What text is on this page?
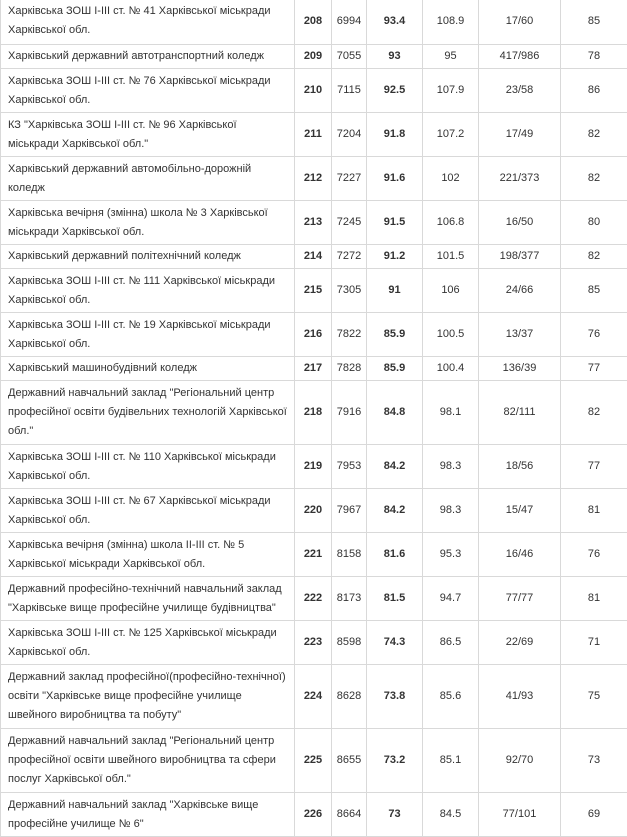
Харківська ЗОШ І-ІІІ ст. № 41 Харківської міськради Харківської обл.	208	6994	93.4	108.9	17/60	85
Харківський державний автотранспортний коледж	209	7055	93	95	417/986	78
Харківська ЗОШ І-ІІІ ст. № 76 Харківської міськради Харківської обл.	210	7115	92.5	107.9	23/58	86
КЗ "Харківська ЗОШ І-ІІІ ст. № 96 Харківської міськради Харківської обл."	211	7204	91.8	107.2	17/49	82
Харківський державний автомобільно-дорожній коледж	212	7227	91.6	102	221/373	82
Харківська вечірня (змінна) школа № 3 Харківської міськради Харківської обл.	213	7245	91.5	106.8	16/50	80
Харківський державний політехнічний коледж	214	7272	91.2	101.5	198/377	82
Харківська ЗОШ І-ІІІ ст. № 111 Харківської міськради Харківської обл.	215	7305	91	106	24/66	85
Харківська ЗОШ І-ІІІ ст. № 19 Харківської міськради Харківської обл.	216	7822	85.9	100.5	13/37	76
Харківський машинобудівний коледж	217	7828	85.9	100.4	136/39	77
Державний навчальний заклад "Регіональний центр професійної освіти будівельних технологій Харківської обл."	218	7916	84.8	98.1	82/111	82
Харківська ЗОШ І-ІІІ ст. № 110 Харківської міськради Харківської обл.	219	7953	84.2	98.3	18/56	77
Харківська ЗОШ І-ІІІ ст. № 67 Харківської міськради Харківської обл.	220	7967	84.2	98.3	15/47	81
Харківська вечірня (змінна) школа ІІ-ІІІ ст. № 5 Харківської міськради Харківської обл.	221	8158	81.6	95.3	16/46	76
Державний професійно-технічний навчальний заклад "Харківське вище професійне училище будівництва"	222	8173	81.5	94.7	77/77	81
Харківська ЗОШ І-ІІІ ст. № 125 Харківської міськради Харківської обл.	223	8598	74.3	86.5	22/69	71
Державний заклад професійної(професійно-технічної) освіти "Харківське вище професійне училище швейного виробництва та побуту"	224	8628	73.8	85.6	41/93	75
Державний навчальний заклад "Регіональний центр професійної освіти швейного виробництва та сфери послуг Харківської обл."	225	8655	73.2	85.1	92/70	73
Державний навчальний заклад "Харківське вище професійне училище № 6"	226	8664	73	84.5	77/101	69
